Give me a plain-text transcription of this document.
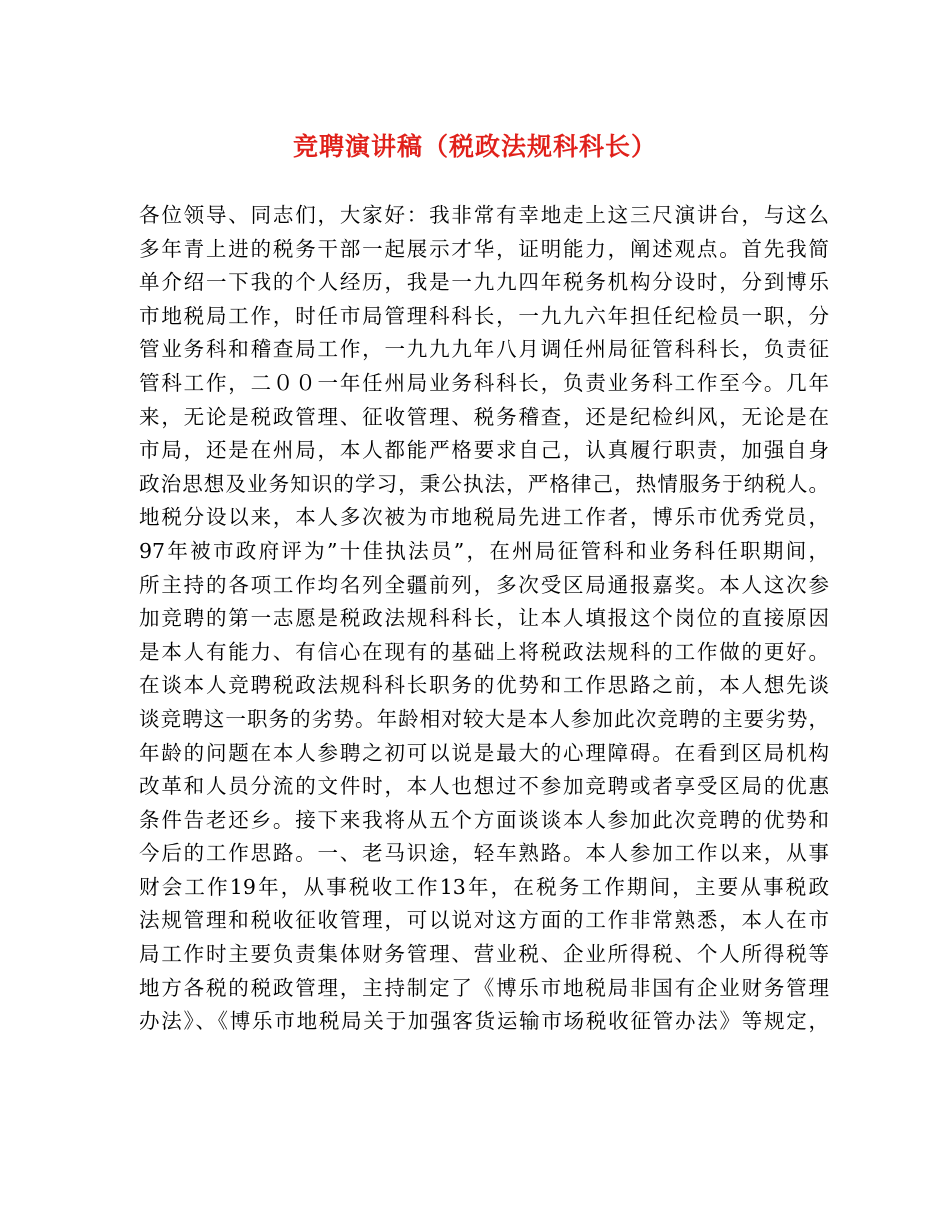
竞聘演讲稿（税政法规科科长）
各位领导、同志们，大家好：我非常有幸地走上这三尺演讲台，与这么
多年青上进的税务干部一起展示才华，证明能力，阐述观点。首先我简
单介绍一下我的个人经历，我是一九九四年税务机构分设时，分到博乐
市地税局工作，时任市局管理科科长，一九九六年担任纪检员一职，分
管业务科和稽查局工作，一九九九年八月调任州局征管科科长，负责征
管科工作，二００一年任州局业务科科长，负责业务科工作至今。几年
来，无论是税政管理、征收管理、税务稽查，还是纪检纠风，无论是在
市局，还是在州局，本人都能严格要求自己，认真履行职责，加强自身
政治思想及业务知识的学习，秉公执法，严格律己，热情服务于纳税人。
地税分设以来，本人多次被为市地税局先进工作者，博乐市优秀党员，
97年被市政府评为”十佳执法员”，在州局征管科和业务科任职期间，
所主持的各项工作均名列全疆前列，多次受区局通报嘉奖。本人这次参
加竞聘的第一志愿是税政法规科科长，让本人填报这个岗位的直接原因
是本人有能力、有信心在现有的基础上将税政法规科的工作做的更好。
在谈本人竞聘税政法规科科长职务的优势和工作思路之前，本人想先谈
谈竞聘这一职务的劣势。年龄相对较大是本人参加此次竞聘的主要劣势，
年龄的问题在本人参聘之初可以说是最大的心理障碍。在看到区局机构
改革和人员分流的文件时，本人也想过不参加竞聘或者享受区局的优惠
条件告老还乡。接下来我将从五个方面谈谈本人参加此次竞聘的优势和
今后的工作思路。一、老马识途，轻车熟路。本人参加工作以来，从事
财会工作19年，从事税收工作13年，在税务工作期间，主要从事税政
法规管理和税收征收管理，可以说对这方面的工作非常熟悉，本人在市
局工作时主要负责集体财务管理、营业税、企业所得税、个人所得税等
地方各税的税政管理，主持制定了《博乐市地税局非国有企业财务管理
办法》、《博乐市地税局关于加强客货运输市场税收征管办法》等规定，
